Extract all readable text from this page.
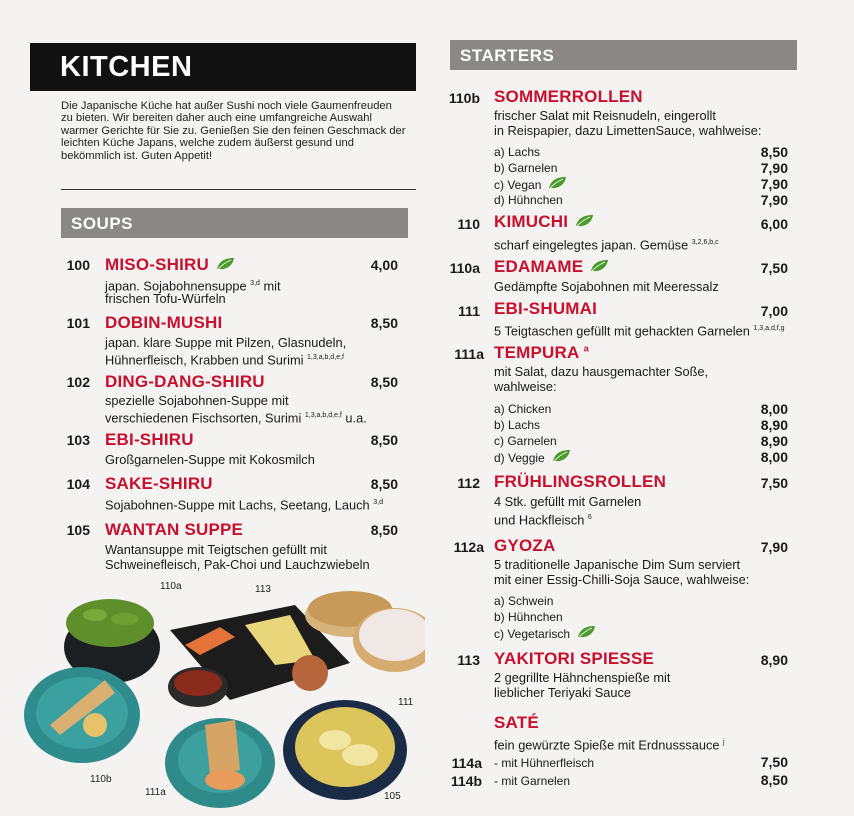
KITCHEN
Die Japanische Küche hat außer Sushi noch viele Gaumenfreuden zu bieten. Wir bereiten daher auch eine umfangreiche Auswahl warmer Gerichte für Sie zu. Genießen Sie den feinen Geschmack der leichten Küche Japans, welche zudem äußerst gesund und bekömmlich ist. Guten Appetit!
SOUPS
100 MISO-SHIRU	4,00
japan. Sojabohnensuppe $^{3,d}$ mit
frischen Tofu-Würfeln
101 DOBIN-MUSHI	8,50
japan. klare Suppe mit Pilzen, Glasnudeln,
Hühnerfleisch, Krabben und Surimi $^{1,3,a,b,d,e,f}$
102 DING-DANG-SHIRU	8,50
spezielle Sojabohnen-Suppe mit
verschiedenen Fischsorten, Surimi $^{1,3,a,b,d,e,f}$ u.a.
103 EBI-SHIRU	8,50
Großgarnelen-Suppe mit Kokosmilch
104 SAKE-SHIRU	8,50
Sojabohnen-Suppe mit Lachs, Seetang, Lauch $^{3,d}$
105 WANTAN SUPPE	8,50
Wantansuppe mit Teigtschen gefüllt mit
Schweinefleisch, Pak-Choi und Lauchzwiebeln
110a	113
111
110b
111a	105
STARTERS
110b SOMMERROLLEN
frischer Salat mit Reisnudeln, eingerollt
in Reispapier, dazu LimettenSauce, wahlweise:
a) Lachs	8,50
b) Garnelen	7,90
c) Vegan	7,90
d) Hühnchen	7,90
110 KIMUCHI	6,00
scharf eingelegtes japan. Gemüse $^{3,2,6,b,c}$
110a EDAMAME	7,50
Gedämpfte Sojabohnen mit Meeressalz
111 EBI-SHUMAI	7,00
5 Teigtaschen gefüllt mit gehackten Garnelen $^{1,3,a,d,f,g}$
111a TEMPURA $^a$
mit Salat, dazu hausgemachter Soße,
wahlweise:
a) Chicken	8,00
b) Lachs	8,90
c) Garnelen	8,90
d) Veggie	8,00
112 FRÜHLINGSROLLEN	7,50
4 Stk. gefüllt mit Garnelen
und Hackfleisch $^6$
112a GYOZA	7,90
5 traditionelle Japanische Dim Sum serviert
mit einer Essig-Chilli-Soja Sauce, wahlweise:
a) Schwein
b) Hühnchen
c) Vegetarisch
113 YAKITORI SPIESSE	8,90
2 gegrillte Hähnchenspieße mit
lieblicher Teriyaki Sauce
SATÉ
fein gewürzte Spieße mit Erdnusssauce $^j$
114a - mit Hühnerfleisch	7,50
114b - mit Garnelen	8,50
